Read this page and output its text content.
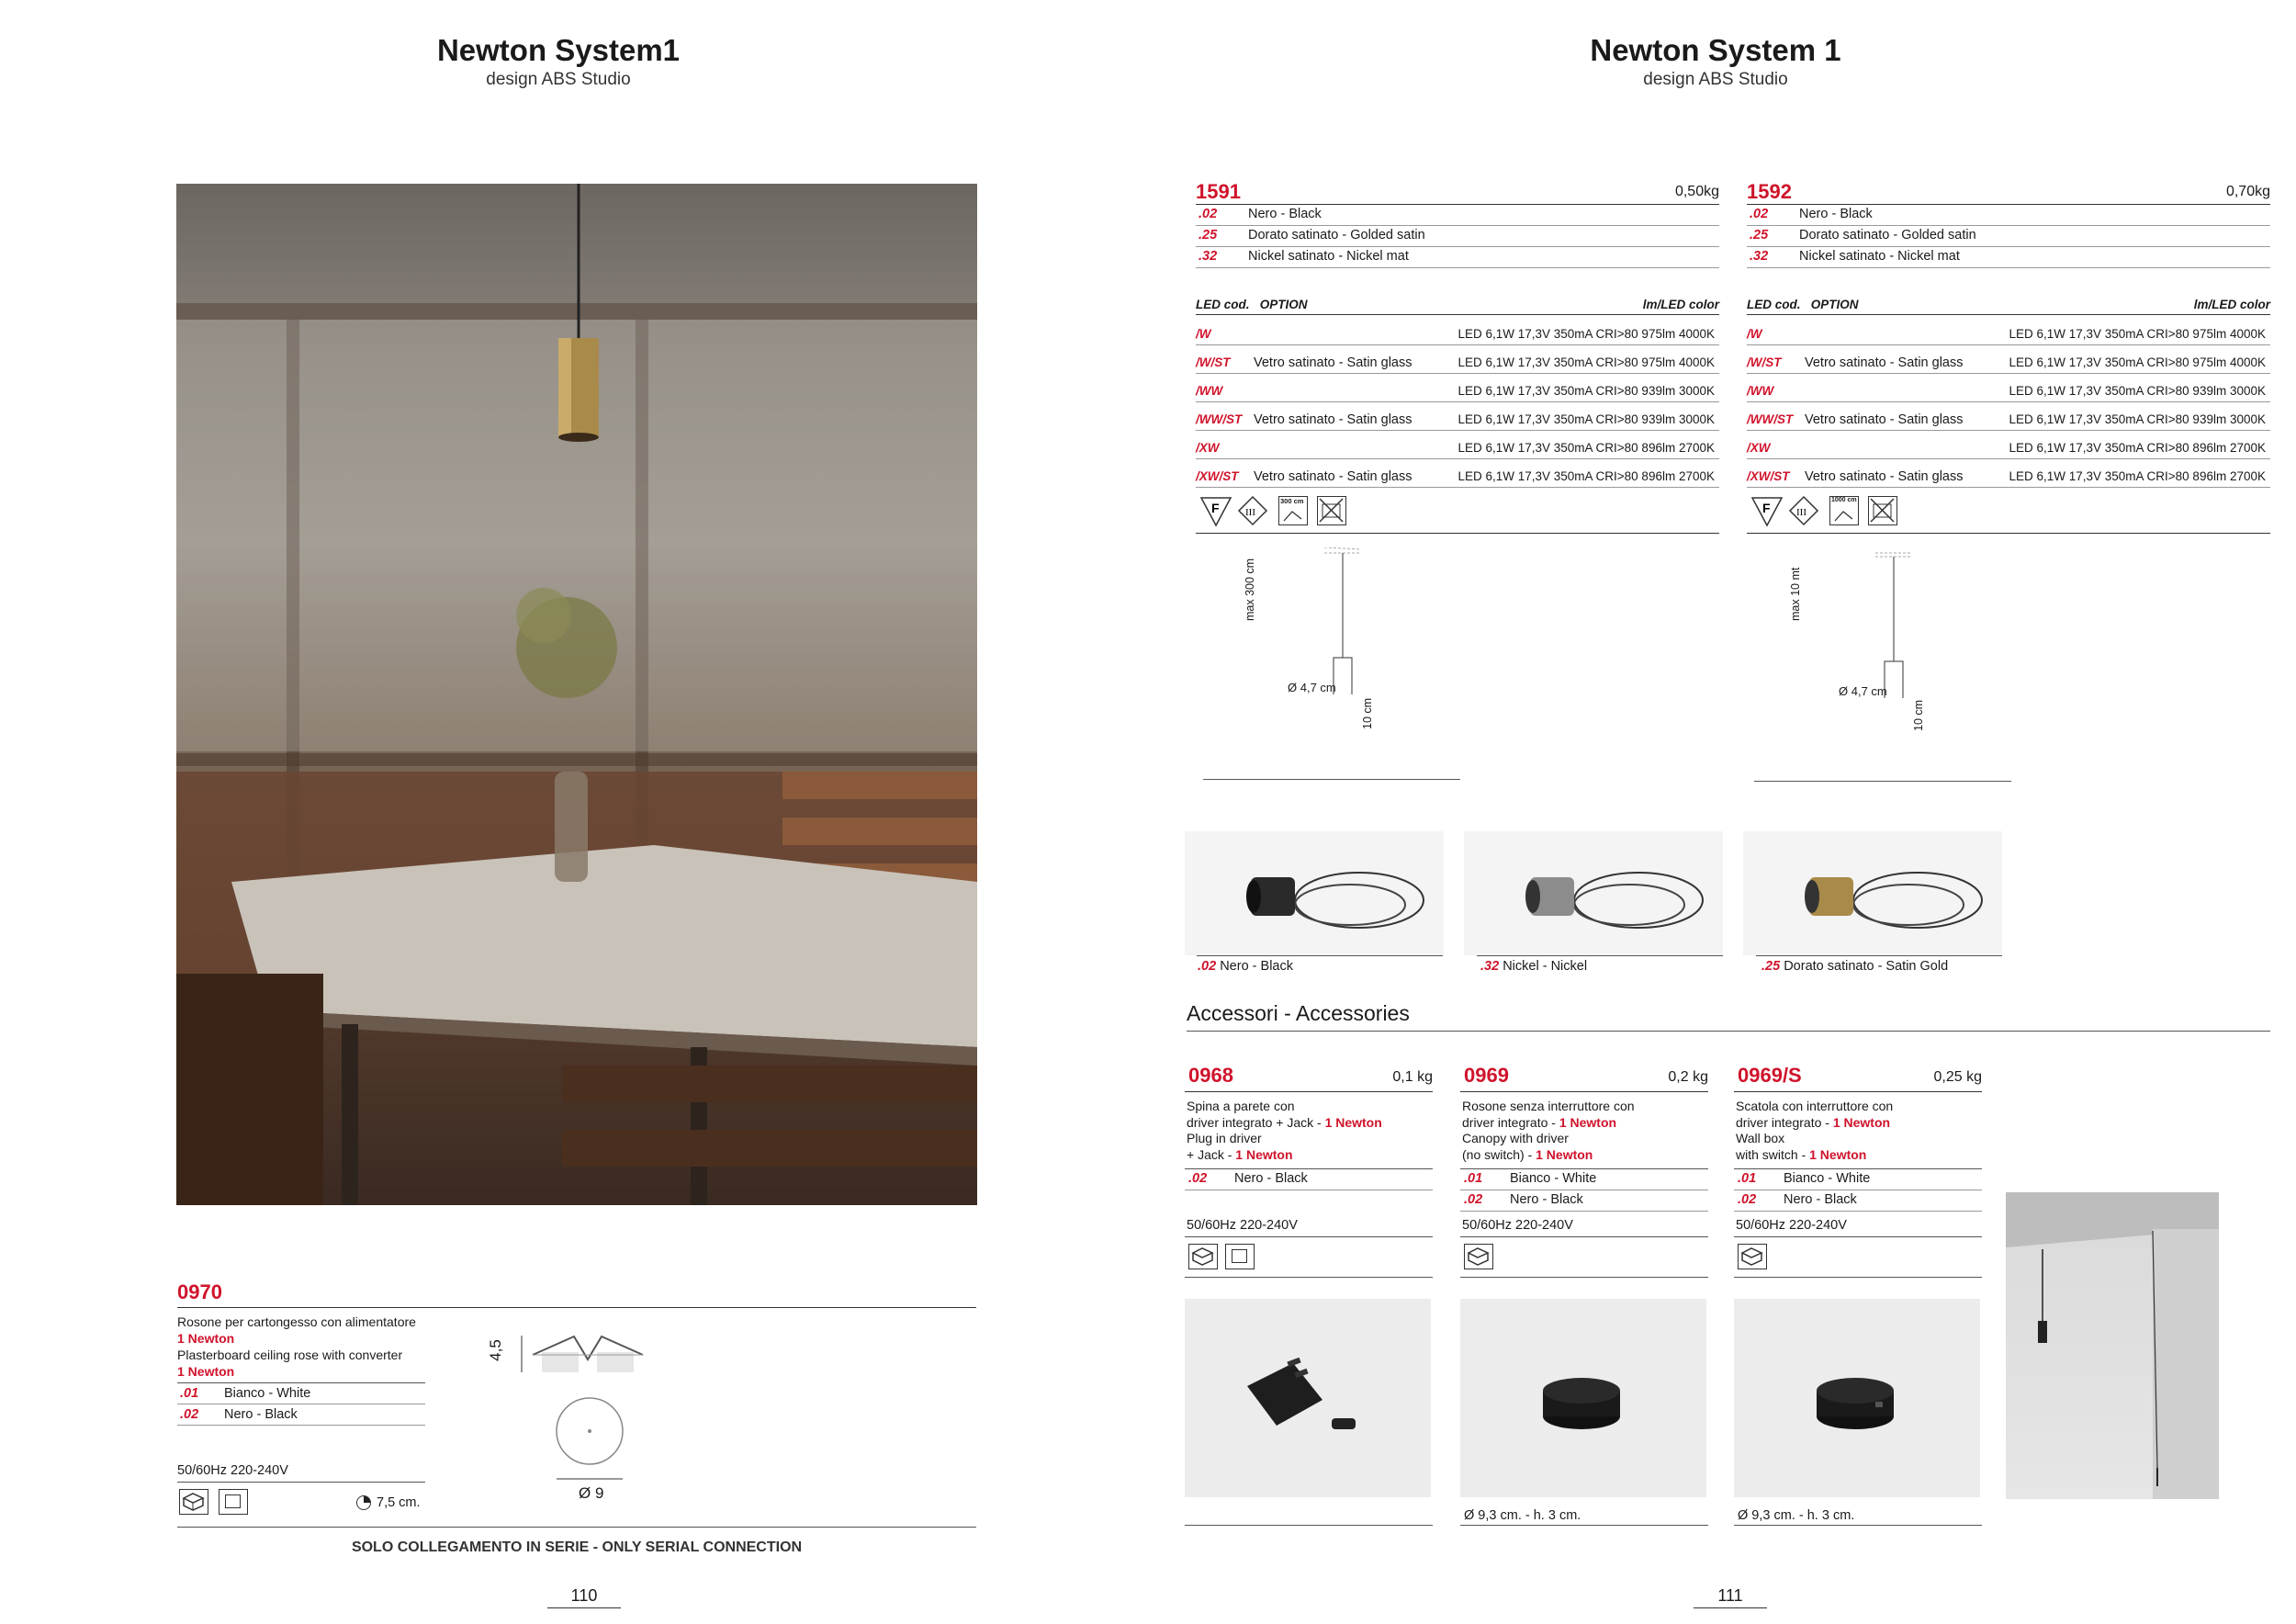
Newton System1
design ABS Studio
0970
Rosone per cartongesso con alimentatore
1 Newton
Plasterboard ceiling rose with converter
1 Newton
.01 Bianco - White
.02 Nero - Black
50/60Hz 220-240V
7,5 cm.
4,5
Ø 9
SOLO COLLEGAMENTO IN SERIE - ONLY SERIAL CONNECTION
110
Newton System 1
design ABS Studio
1591	0,50kg
.02 Nero - Black
.25 Dorato satinato - Golded satin
.32 Nickel satinato - Nickel mat
LED cod. OPTION	lm/LED color
/W	LED 6,1W 17,3V 350mA CRI>80 975lm 4000K
/W/ST Vetro satinato - Satin glass	LED 6,1W 17,3V 350mA CRI>80 975lm 4000K
/WW	LED 6,1W 17,3V 350mA CRI>80 939lm 3000K
/WW/ST Vetro satinato - Satin glass	LED 6,1W 17,3V 350mA CRI>80 939lm 3000K
/XW	LED 6,1W 17,3V 350mA CRI>80 896lm 2700K
/XW/ST Vetro satinato - Satin glass	LED 6,1W 17,3V 350mA CRI>80 896lm 2700K
F	III
300 cm
Ø 4,7 cm
max 300 cm
10 cm
1592	0,70kg
.02 Nero - Black
.25 Dorato satinato - Golded satin
.32 Nickel satinato - Nickel mat
LED cod. OPTION	lm/LED color
/W	LED 6,1W 17,3V 350mA CRI>80 975lm 4000K
/W/ST Vetro satinato - Satin glass	LED 6,1W 17,3V 350mA CRI>80 975lm 4000K
/WW	LED 6,1W 17,3V 350mA CRI>80 939lm 3000K
/WW/ST Vetro satinato - Satin glass	LED 6,1W 17,3V 350mA CRI>80 939lm 3000K
/XW	LED 6,1W 17,3V 350mA CRI>80 896lm 2700K
/XW/ST Vetro satinato - Satin glass	LED 6,1W 17,3V 350mA CRI>80 896lm 2700K
F	III
1000 cm
Ø 4,7 cm
max 10 mt
10 cm
.02 Nero - Black	.32 Nickel - Nickel	.25 Dorato satinato - Satin Gold
Accessori - Accessories
0968	0,1 kg
Spina a parete con
driver integrato + Jack - 1 Newton
Plug in driver
+ Jack - 1 Newton
.02 Nero - Black
50/60Hz 220-240V
0969	0,2 kg
Rosone senza interruttore con
driver integrato - 1 Newton
Canopy with driver
(no switch) - 1 Newton
.01 Bianco - White
.02 Nero - Black
50/60Hz 220-240V
Ø 9,3 cm. - h. 3 cm.
0969/S	0,25 kg
Scatola con interruttore con
driver integrato - 1 Newton
Wall box
with switch - 1 Newton
.01 Bianco - White
.02 Nero - Black
50/60Hz 220-240V
Ø 9,3 cm. - h. 3 cm.
111
